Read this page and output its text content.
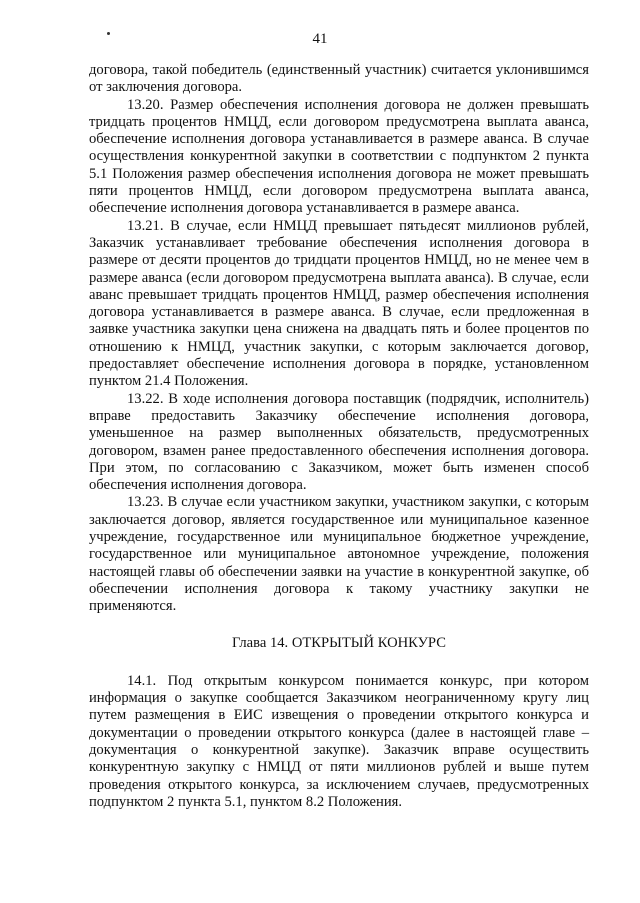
41

договора, такой победитель (единственный участник) считается уклонившимся от заключения договора.

13.20. Размер обеспечения исполнения договора не должен превышать тридцать процентов НМЦД, если договором предусмотрена выплата аванса, обеспечение исполнения договора устанавливается в размере аванса. В случае осуществления конкурентной закупки в соответствии с подпунктом 2 пункта 5.1 Положения размер обеспечения исполнения договора не может превышать пяти процентов НМЦД, если договором предусмотрена выплата аванса, обеспечение исполнения договора устанавливается в размере аванса.

13.21. В случае, если НМЦД превышает пятьдесят миллионов рублей, Заказчик устанавливает требование обеспечения исполнения договора в размере от десяти процентов до тридцати процентов НМЦД, но не менее чем в размере аванса (если договором предусмотрена выплата аванса). В случае, если аванс превышает тридцать процентов НМЦД, размер обеспечения исполнения договора устанавливается в размере аванса. В случае, если предложенная в заявке участника закупки цена снижена на двадцать пять и более процентов по отношению к НМЦД, участник закупки, с которым заключается договор, предоставляет обеспечение исполнения договора в порядке, установленном пунктом 21.4 Положения.

13.22. В ходе исполнения договора поставщик (подрядчик, исполнитель) вправе предоставить Заказчику обеспечение исполнения договора, уменьшенное на размер выполненных обязательств, предусмотренных договором, взамен ранее предоставленного обеспечения исполнения договора. При этом, по согласованию с Заказчиком, может быть изменен способ обеспечения исполнения договора.

13.23. В случае если участником закупки, участником закупки, с которым заключается договор, является государственное или муниципальное казенное учреждение, государственное или муниципальное бюджетное учреждение, государственное или муниципальное автономное учреждение, положения настоящей главы об обеспечении заявки на участие в конкурентной закупке, об обеспечении исполнения договора к такому участнику закупки не применяются.

Глава 14. ОТКРЫТЫЙ КОНКУРС

14.1. Под открытым конкурсом понимается конкурс, при котором информация о закупке сообщается Заказчиком неограниченному кругу лиц путем размещения в ЕИС извещения о проведении открытого конкурса и документации о проведении открытого конкурса (далее в настоящей главе – документация о конкурентной закупке). Заказчик вправе осуществить конкурентную закупку с НМЦД от пяти миллионов рублей и выше путем проведения открытого конкурса, за исключением случаев, предусмотренных подпунктом 2 пункта 5.1, пунктом 8.2 Положения.
